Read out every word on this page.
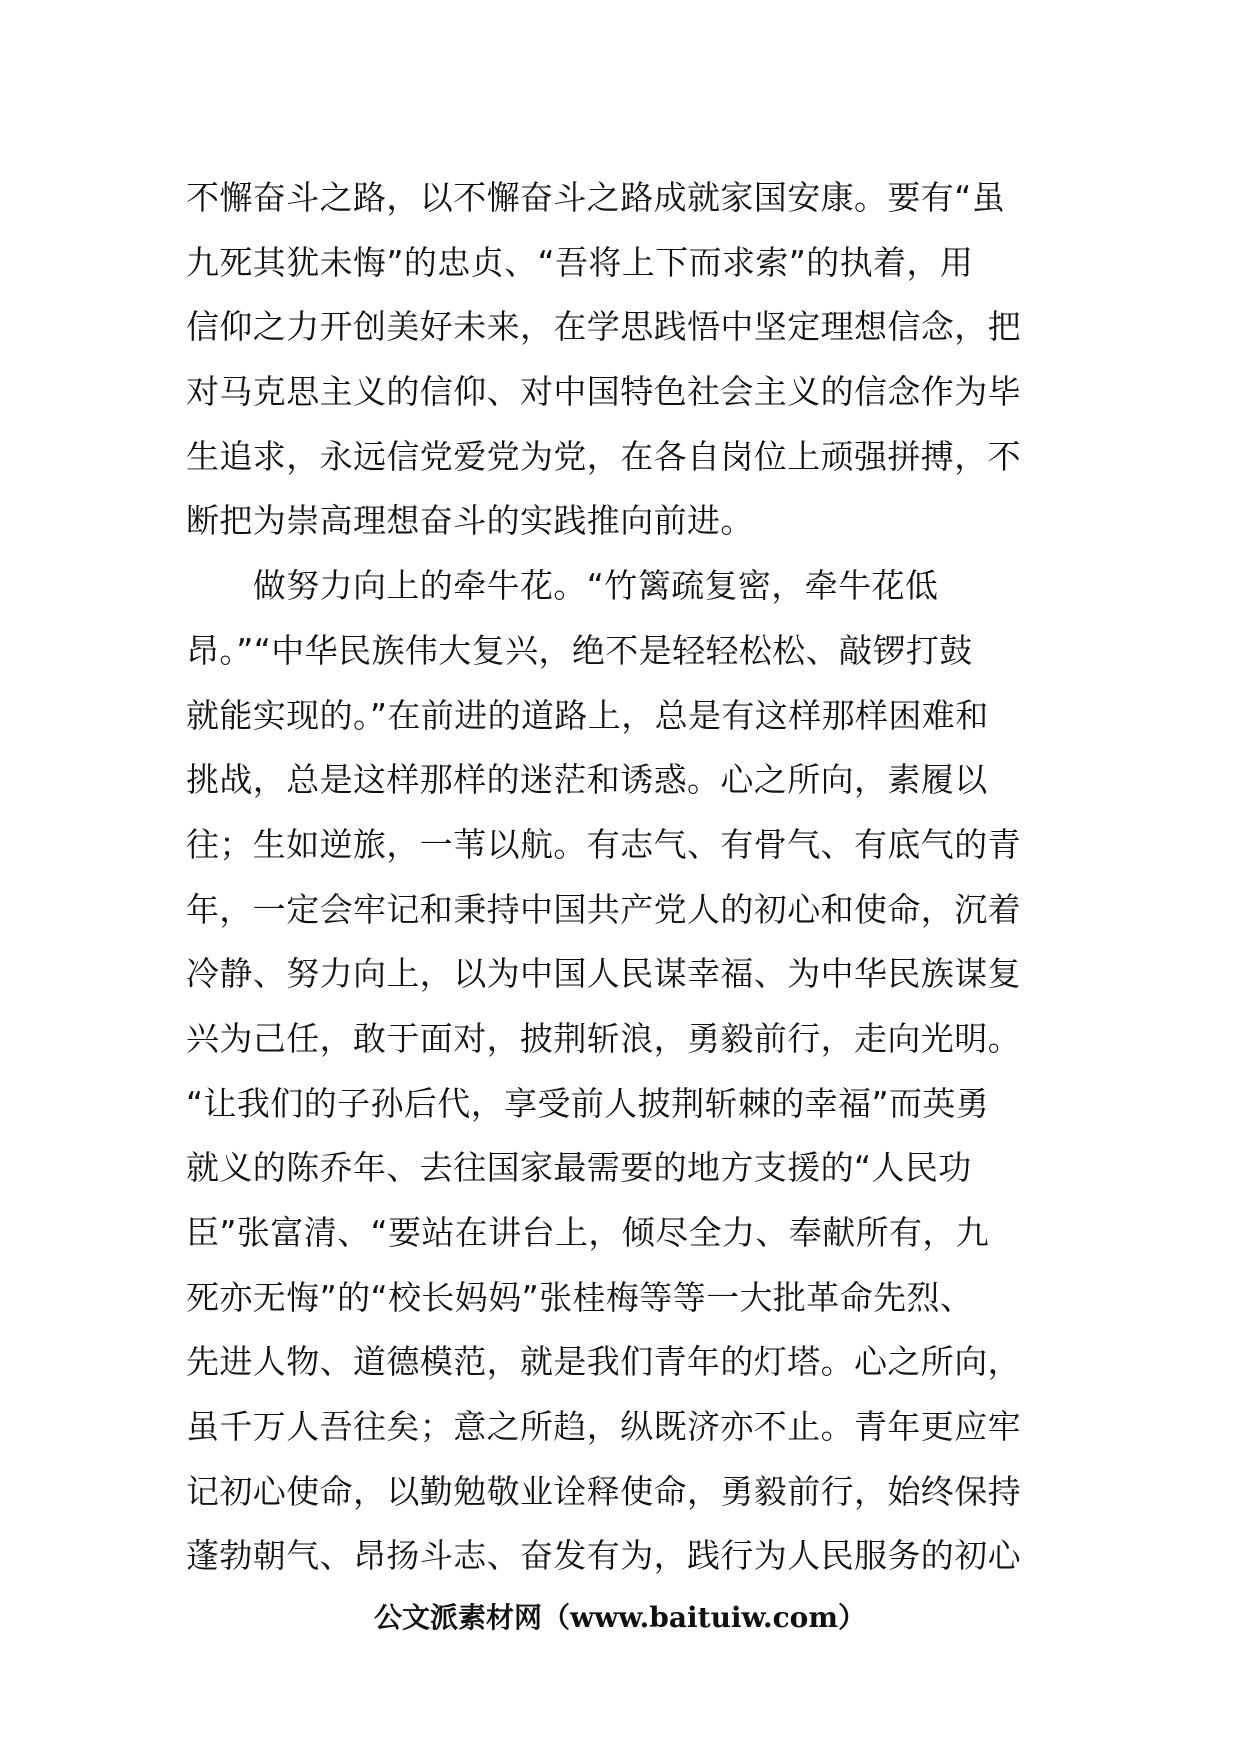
不懈奋斗之路，以不懈奋斗之路成就家国安康。要有“虽
九死其犹未悔”的忠贞、“吾将上下而求索”的执着，用
信仰之力开创美好未来，在学思践悟中坚定理想信念，把
对马克思主义的信仰、对中国特色社会主义的信念作为毕
生追求，永远信党爱党为党，在各自岗位上顽强拼搏，不
断把为崇高理想奋斗的实践推向前进。
　　做努力向上的牵牛花。“竹篱疏复密，牵牛花低
昂。”“中华民族伟大复兴，绝不是轻轻松松、敲锣打鼓
就能实现的。”在前进的道路上，总是有这样那样困难和
挑战，总是这样那样的迷茫和诱惑。心之所向，素履以
往；生如逆旅，一苇以航。有志气、有骨气、有底气的青
年，一定会牢记和秉持中国共产党人的初心和使命，沉着
冷静、努力向上，以为中国人民谋幸福、为中华民族谋复
兴为己任，敢于面对，披荆斩浪，勇毅前行，走向光明。
“让我们的子孙后代，享受前人披荆斩棘的幸福”而英勇
就义的陈乔年、去往国家最需要的地方支援的“人民功
臣”张富清、“要站在讲台上，倾尽全力、奉献所有，九
死亦无悔”的“校长妈妈”张桂梅等等一大批革命先烈、
先进人物、道德模范，就是我们青年的灯塔。心之所向，
虽千万人吾往矣；意之所趋，纵既济亦不止。青年更应牢
记初心使命，以勤勉敬业诠释使命，勇毅前行，始终保持
蓬勃朝气、昂扬斗志、奋发有为，践行为人民服务的初心
公文派素材网（www.baituiw.com）
